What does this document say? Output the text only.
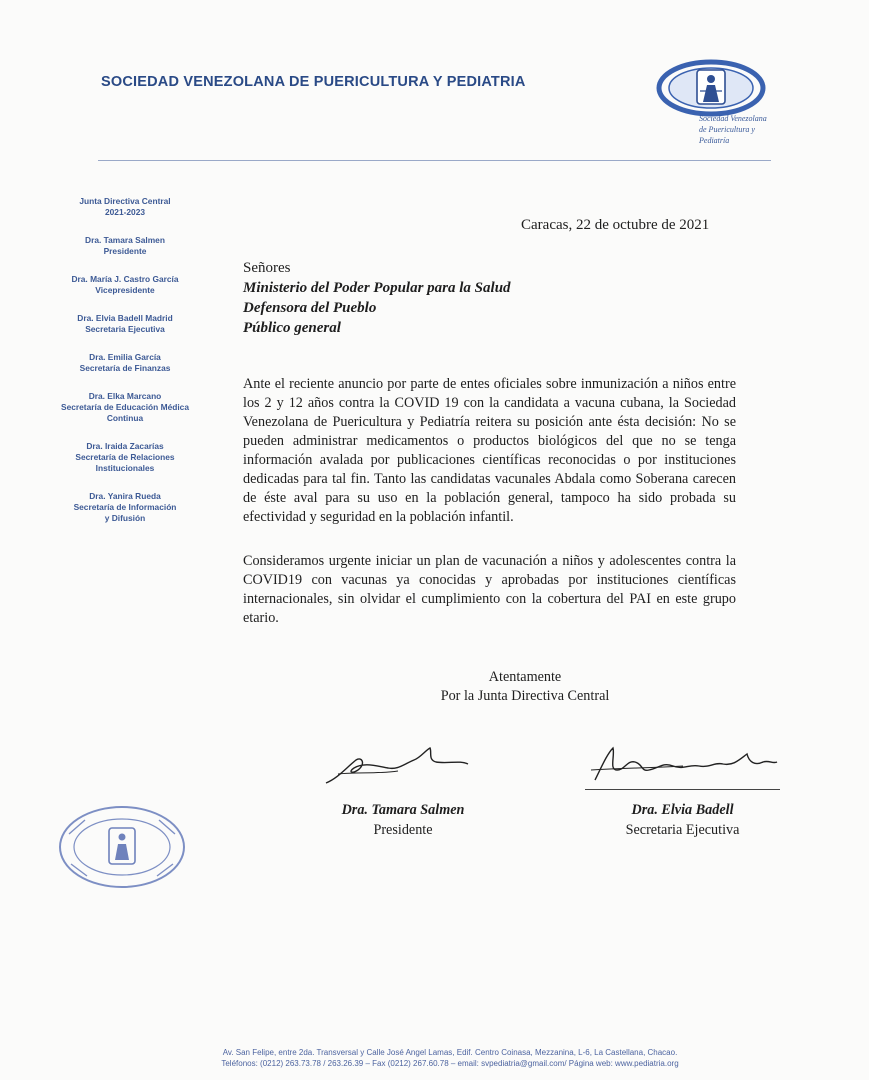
SOCIEDAD VENEZOLANA DE PUERICULTURA Y PEDIATRIA
Sociedad Venezolana
de Puericultura y Pediatría
Junta Directiva Central
2021-2023
Dra. Tamara Salmen
Presidente
Dra. María J. Castro García
Vicepresidente
Dra. Elvia Badell Madrid
Secretaria Ejecutiva
Dra. Emilia García
Secretaría de Finanzas
Dra. Elka Marcano
Secretaría de Educación Médica
Continua
Dra. Iraida Zacarías
Secretaría de Relaciones
Institucionales
Dra. Yanira Rueda
Secretaría de Información
y Difusión
Caracas, 22 de octubre de 2021
Señores
Ministerio del Poder Popular para la Salud
Defensora del Pueblo
Público general
Ante el reciente anuncio por parte de entes oficiales sobre inmunización a niños entre los 2 y 12 años contra la COVID 19 con la candidata a vacuna cubana, la Sociedad Venezolana de Puericultura y Pediatría reitera su posición ante ésta decisión: No se pueden administrar medicamentos o productos biológicos del que no se tenga información avalada por publicaciones científicas reconocidas o por instituciones dedicadas para tal fin. Tanto las candidatas vacunales Abdala como Soberana carecen de éste aval para su uso en la población general, tampoco ha sido probada su efectividad y seguridad en la población infantil.
Consideramos urgente iniciar un plan de vacunación a niños y adolescentes contra la COVID19 con vacunas ya conocidas y aprobadas por instituciones científicas internacionales, sin olvidar el cumplimiento con la cobertura del PAI en este grupo etario.
Atentamente
Por la Junta Directiva Central
Dra. Tamara Salmen
Presidente
Dra. Elvia Badell
Secretaria Ejecutiva
Av. San Felipe, entre 2da. Transversal y Calle José Angel Lamas, Edif. Centro Coinasa, Mezzanina, L-6, La Castellana, Chacao.
Teléfonos: (0212) 263.73.78 / 263.26.39 – Fax (0212) 267.60.78 – email: svpediatria@gmail.com/ Página web: www.pediatria.org
